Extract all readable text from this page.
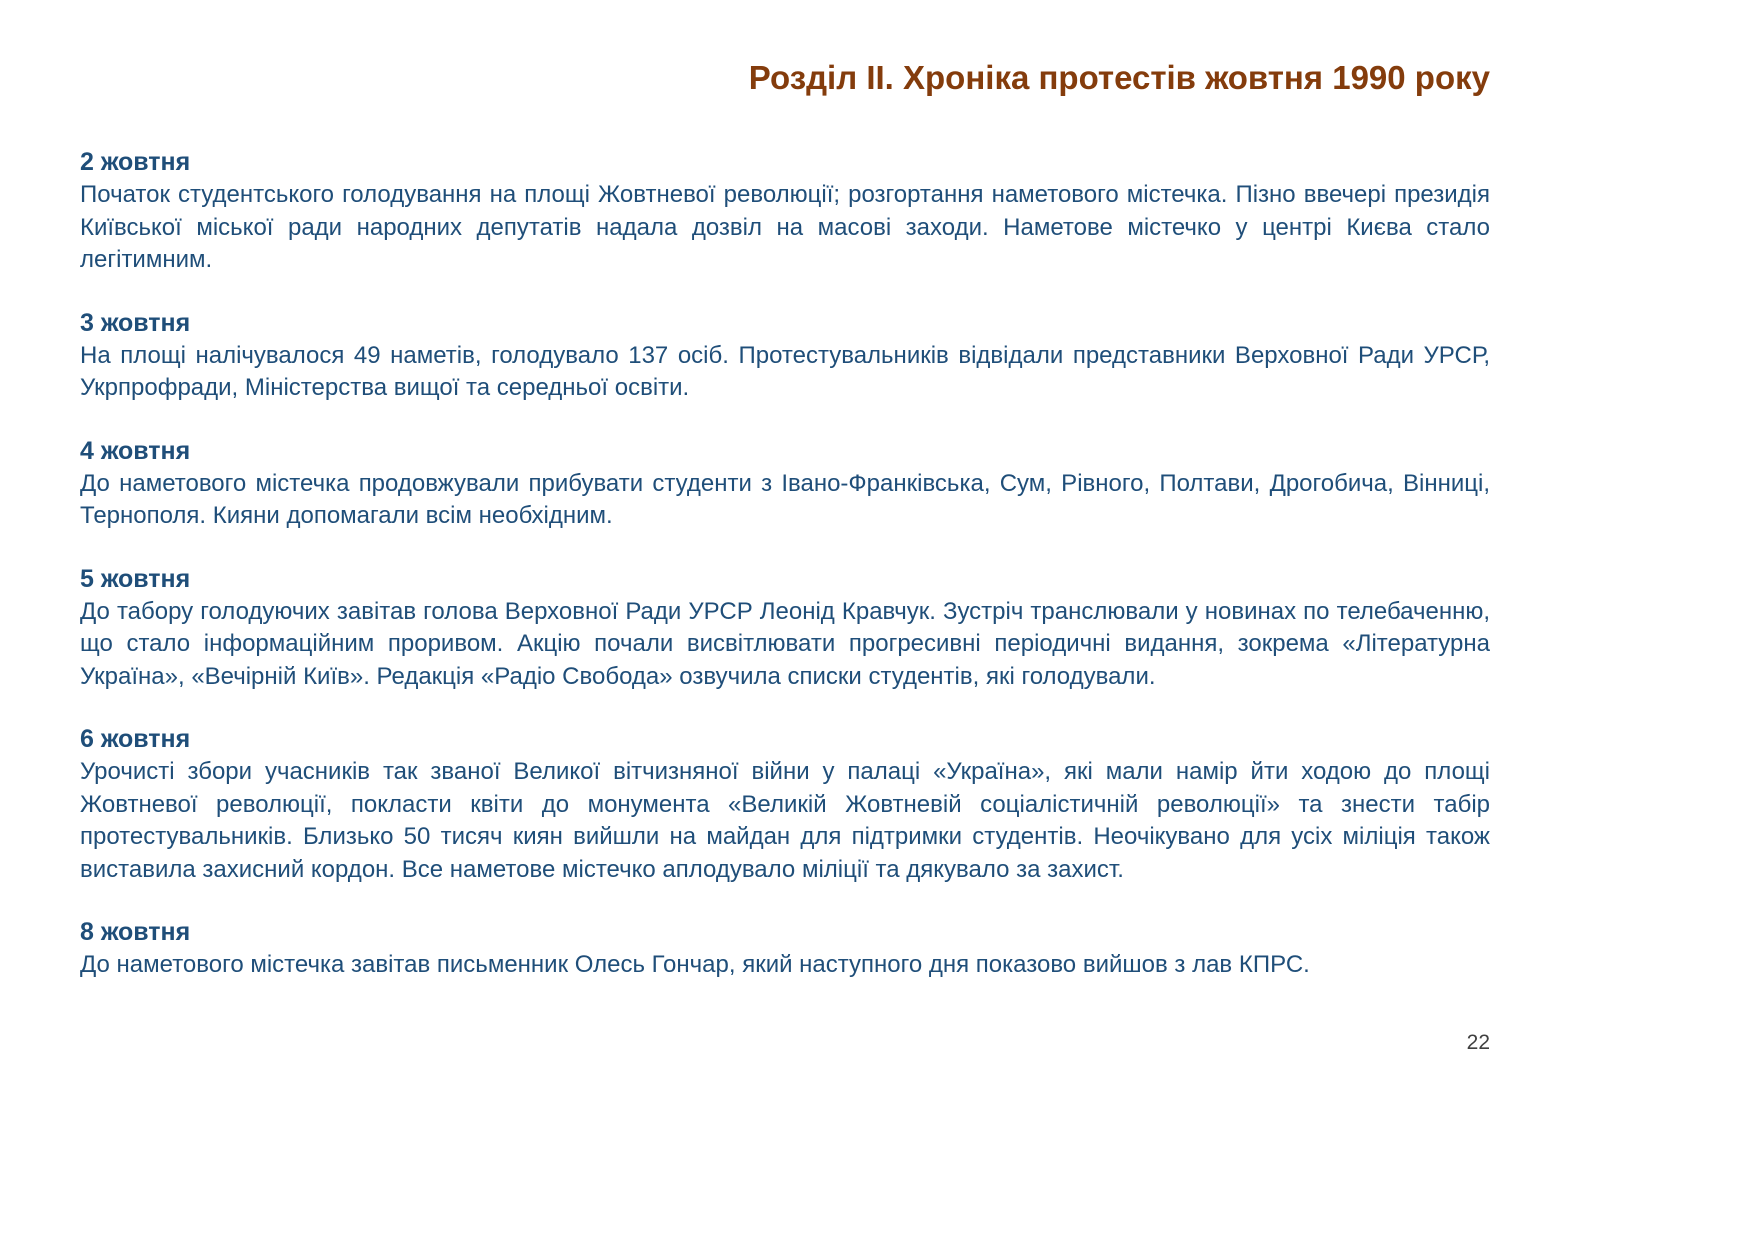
Розділ II. Хроніка протестів жовтня 1990 року

2 жовтня

Початок студентського голодування на площі Жовтневої революції; розгортання наметового містечка. Пізно ввечері президія Київської міської ради народних депутатів надала дозвіл на масові заходи. Наметове містечко у центрі Києва стало легітимним.

3 жовтня

На площі налічувалося 49 наметів, голодувало 137 осіб. Протестувальників відвідали представники Верховної Ради УРСР, Укрпрофради, Міністерства вищої та середньої освіти.

4 жовтня

До наметового містечка продовжували прибувати студенти з Івано-Франківська, Сум, Рівного, Полтави, Дрогобича, Вінниці, Тернополя. Кияни допомагали всім необхідним.

5 жовтня

До табору голодуючих завітав голова Верховної Ради УРСР Леонід Кравчук. Зустріч транслювали у новинах по телебаченню, що стало інформаційним проривом. Акцію почали висвітлювати прогресивні періодичні видання, зокрема «Літературна Україна», «Вечірній Київ». Редакція «Радіо Свобода» озвучила списки студентів, які голодували.

6 жовтня

Урочисті збори учасників так званої Великої вітчизняної війни у палаці «Україна», які мали намір йти ходою до площі Жовтневої революції, покласти квіти до монумента «Великій Жовтневій соціалістичній революції» та знести табір протестувальників. Близько 50 тисяч киян вийшли на майдан для підтримки студентів. Неочікувано для усіх міліція також виставила захисний кордон. Все наметове містечко аплодувало міліції та дякувало за захист.

8 жовтня

До наметового містечка завітав письменник Олесь Гончар, який наступного дня показово вийшов з лав КПРС.

22
